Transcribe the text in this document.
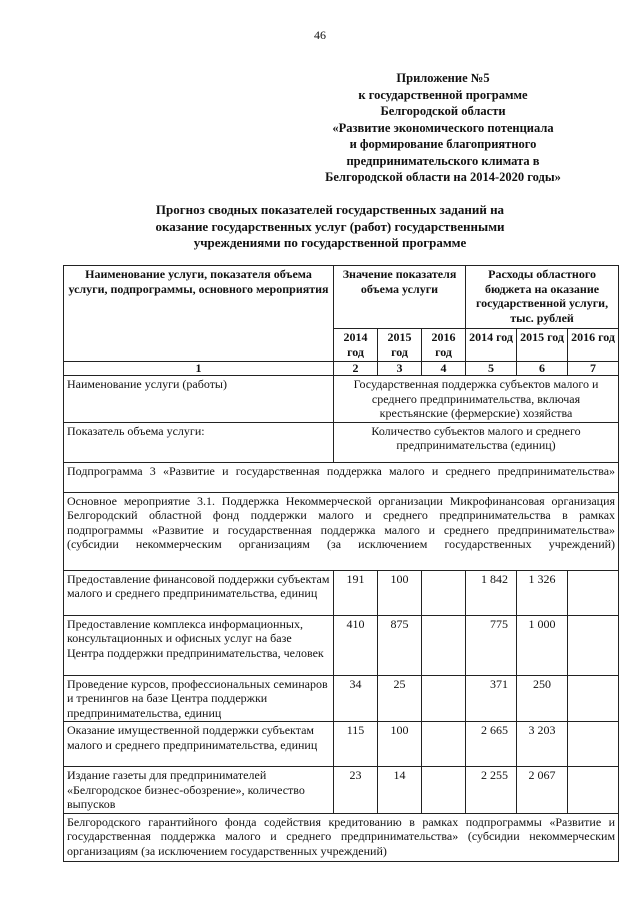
46
Приложение №5
к государственной программе
Белгородской области
«Развитие экономического потенциала
и формирование благоприятного
предпринимательского климата в
Белгородской области на 2014-2020 годы»
Прогноз сводных показателей государственных заданий на
оказание государственных услуг (работ) государственными
учреждениями по государственной программе
Наименование услуги, показателя объема услуги, подпрограммы, основного мероприятия	Значение показателя объема услуги			Расходы областного бюджета на оказание государственной услуги, тыс. рублей		
	2014 год	2015 год	2016 год	2014 год	2015 год	2016 год
1	2	3	4	5	6	7
Наименование услуги (работы)	Государственная поддержка субъектов малого и среднего предпринимательства, включая крестьянские (фермерские) хозяйства					
Показатель объема услуги:	Количество субъектов малого и среднего предпринимательства (единиц)					
Подпрограмма 3 «Развитие и государственная поддержка малого и среднего предпринимательства»						
Основное мероприятие 3.1. Поддержка Некоммерческой организации Микрофинансовая организация Белгородский областной фонд поддержки малого и среднего предпринимательства в рамках подпрограммы «Развитие и государственная поддержка малого и среднего предпринимательства» (субсидии некоммерческим организациям (за исключением государственных учреждений)						
Предоставление финансовой поддержки субъектам малого и среднего предпринимательства, единиц	191	100		1 842	1 326	
Предоставление комплекса информационных, консультационных и офисных услуг на базе Центра поддержки предпринимательства, человек	410	875		775	1 000	
Проведение курсов, профессиональных семинаров и тренингов на базе Центра поддержки предпринимательства, единиц	34	25		371	250	
Оказание имущественной поддержки субъектам малого и среднего предпринимательства, единиц	115	100		2 665	3 203	
Издание газеты для предпринимателей «Белгородское бизнес-обозрение», количество выпусков	23	14		2 255	2 067	
Белгородского гарантийного фонда содействия кредитованию в рамках подпрограммы «Развитие и государственная поддержка малого и среднего предпринимательства» (субсидии некоммерческим организациям (за исключением государственных учреждений)						
